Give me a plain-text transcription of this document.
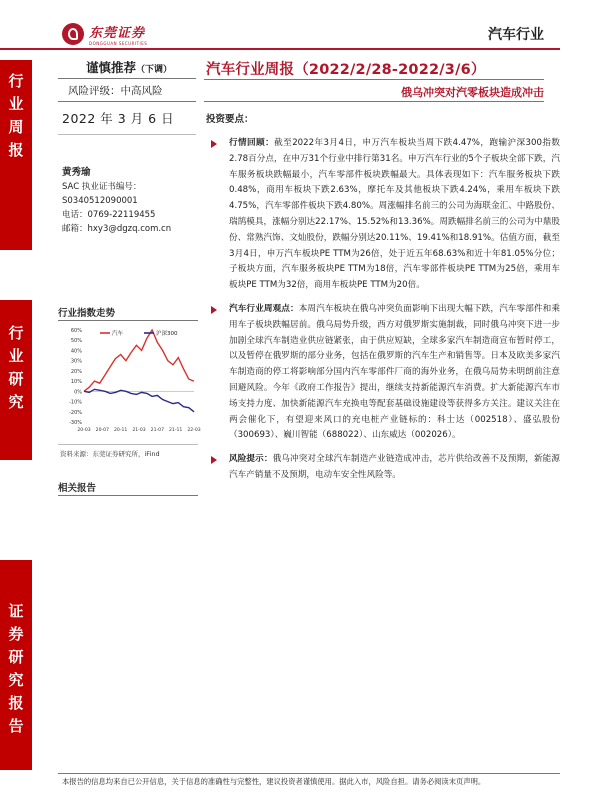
东莞证券
DONGGUAN SECURITIES
汽车行业
行
业
周
报
行
业
研
究
证
券
研
究
报
告
谨慎推荐（下调）
风险评级：中高风险
2022 年 3 月 6 日
黄秀瑜
SAC 执业证书编号：
S0340512090001
电话：0769-22119455
邮箱：hxy3@dgzq.com.cn
行业指数走势
60%
50%
40%
30%
20%
10%
0%
-10%
-20%
-30%
20-03 20-07 20-11 21-03 21-07 21-11 22-03
汽车	沪深300
资料来源：东莞证券研究所，iFind
相关报告
汽车行业周报（2022/2/28-2022/3/6）
俄乌冲突对汽零板块造成冲击
投资要点：
行情回顾：截至2022年3月4日，申万汽车板块当周下跌4.47%，跑输沪深300指数2.78百分点，在申万31个行业中排行第31名。申万汽车行业的5个子板块全部下跌，汽车服务板块跌幅最小，汽车零部件板块跌幅最大。具体表现如下：汽车服务板块下跌0.48%，商用车板块下跌2.63%，摩托车及其他板块下跌4.24%，乘用车板块下跌4.75%，汽车零部件板块下跌4.80%。周涨幅排名前三的公司为海联金汇、中路股份、瑞鹄模具，涨幅分别达22.17%、15.52%和13.36%。周跌幅排名前三的公司为中鼎股份、常熟汽饰、文灿股份，跌幅分别达20.11%、19.41%和18.91%。估值方面，截至3月4日，申万汽车板块PE TTM为26倍，处于近五年68.63%和近十年81.05%分位；子板块方面，汽车服务板块PE TTM为18倍，汽车零部件板块PE TTM为25倍，乘用车板块PE TTM为32倍，商用车板块PE TTM为20倍。
汽车行业周观点：本周汽车板块在俄乌冲突负面影响下出现大幅下跌，汽车零部件和乘用车子板块跌幅居前。俄乌局势升级，西方对俄罗斯实施制裁，同时俄乌冲突下进一步加剧全球汽车制造业供应链紧张，由于供应短缺，全球多家汽车制造商宣布暂时停工，以及暂停在俄罗斯的部分业务，包括在俄罗斯的汽车生产和销售等。日本及欧美多家汽车制造商的停工将影响部分国内汽车零部件厂商的海外业务，在俄乌局势未明朗前注意回避风险。今年《政府工作报告》提出，继续支持新能源汽车消费。扩大新能源汽车市场支持力度、加快新能源汽车充换电等配套基础设施建设等获得多方关注。建议关注在两会催化下，有望迎来风口的充电桩产业链标的：科士达（002518）、盛弘股份（300693）、巍川智能（688022）、山东威达（002026）。
风险提示：俄乌冲突对全球汽车制造产业链造成冲击，芯片供给改善不及预期，新能源汽车产销量不及预期，电动车安全性风险等。
本报告的信息均来自已公开信息，关于信息的准确性与完整性，建议投资者谨慎使用。据此入市，风险自担。请务必阅读末页声明。
